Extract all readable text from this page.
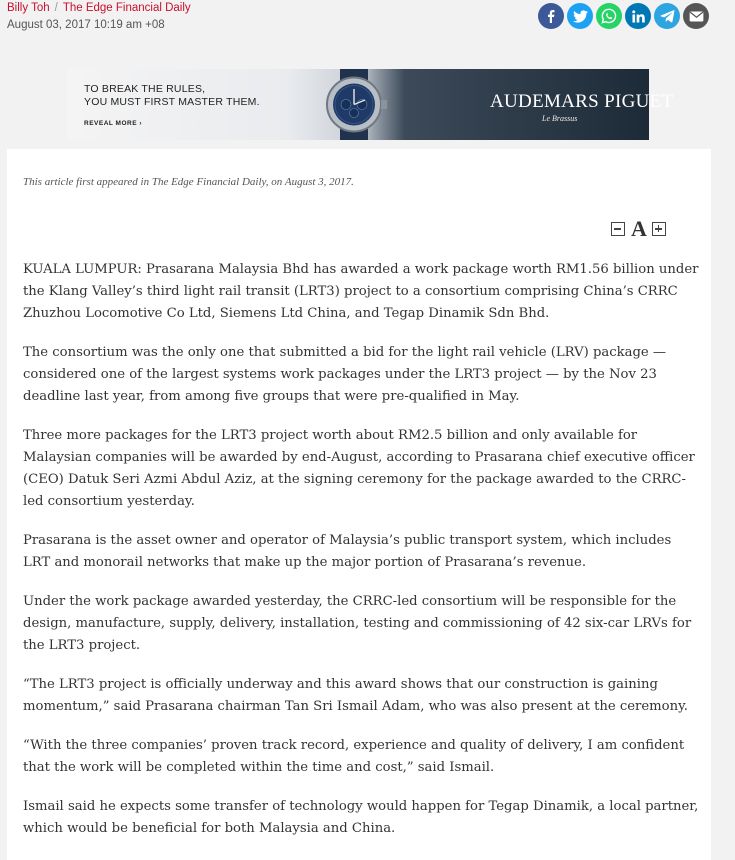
Billy Toh / The Edge Financial Daily
August 03, 2017 10:19 am +08
TO BREAK THE RULES,
YOU MUST FIRST MASTER THEM.
REVEAL MORE ›
AUDEMARS PIGUET
Le Brassus
This article first appeared in The Edge Financial Daily, on August 3, 2017.
A

KUALA LUMPUR: Prasarana Malaysia Bhd has awarded a work package worth RM1.56 billion under the Klang Valley’s third light rail transit (LRT3) project to a consortium comprising China’s CRRC Zhuzhou Locomotive Co Ltd, Siemens Ltd China, and Tegap Dinamik Sdn Bhd.

The consortium was the only one that submitted a bid for the light rail vehicle (LRV) package — considered one of the largest systems work packages under the LRT3 project — by the Nov 23 deadline last year, from among five groups that were pre-qualified in May.

Three more packages for the LRT3 project worth about RM2.5 billion and only available for Malaysian companies will be awarded by end-August, according to Prasarana chief executive officer (CEO) Datuk Seri Azmi Abdul Aziz, at the signing ceremony for the package awarded to the CRRC-led consortium yesterday.

Prasarana is the asset owner and operator of Malaysia’s public transport system, which includes LRT and monorail networks that make up the major portion of Prasarana’s revenue.

Under the work package awarded yesterday, the CRRC-led consortium will be responsible for the design, manufacture, supply, delivery, installation, testing and commissioning of 42 six-car LRVs for the LRT3 project.

“The LRT3 project is officially underway and this award shows that our construction is gaining momentum,” said Prasarana chairman Tan Sri Ismail Adam, who was also present at the ceremony.

“With the three companies’ proven track record, experience and quality of delivery, I am confident that the work will be completed within the time and cost,” said Ismail.

Ismail said he expects some transfer of technology would happen for Tegap Dinamik, a local partner, which would be beneficial for both Malaysia and China.
